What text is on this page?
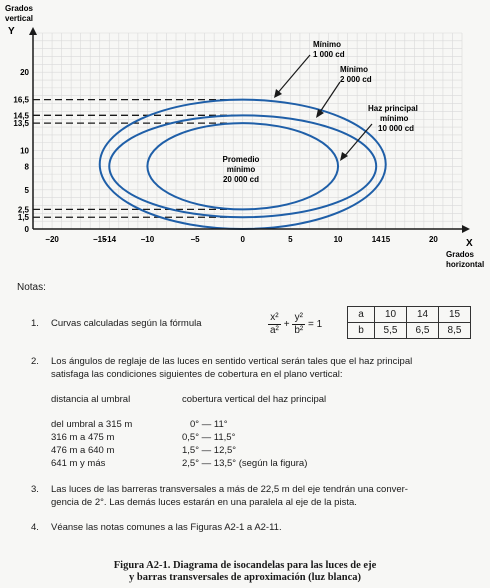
−20	−15
−14	−10	−5	0	5	10	14 15	20
0
1,5
2,5
5
8
10
13,5
14,5
16,5
20
Grados
vertical
Y
X
Grados
horizontal
Mínimo
1 000 cd
Mínimo
2 000 cd
Haz principal
mínimo
10 000 cd
Promedio
mínimo
20 000 cd
Notas:
1. Curvas calculadas según la fórmula	$\frac{\text{x²}}{\text{a²}} + \frac{\text{y²}}{\text{b²}} = 1$
2. Los ángulos de reglaje de las luces en sentido vertical serán tales que el haz principal
satisfaga las condiciones siguientes de cobertura en el plano vertical:
distancia al umbral	cobertura vertical del haz principal
del umbral a 315 m	0° — 11°
316 m a 475 m	0,5° — 11,5°
476 m a 640 m	1,5° — 12,5°
641 m y más	2,5° — 13,5° (según la figura)
3. Las luces de las barreras transversales a más de 22,5 m del eje tendrán una conver-
gencia de 2°. Las demás luces estarán en una paralela al eje de la pista.
4. Véanse las notas comunes a las Figuras A2-1 a A2-11.
a	10	14	15
b	5,5	6,5	8,5
Figura A2-1. Diagrama de isocandelas para las luces de eje
y barras transversales de aproximación (luz blanca)
